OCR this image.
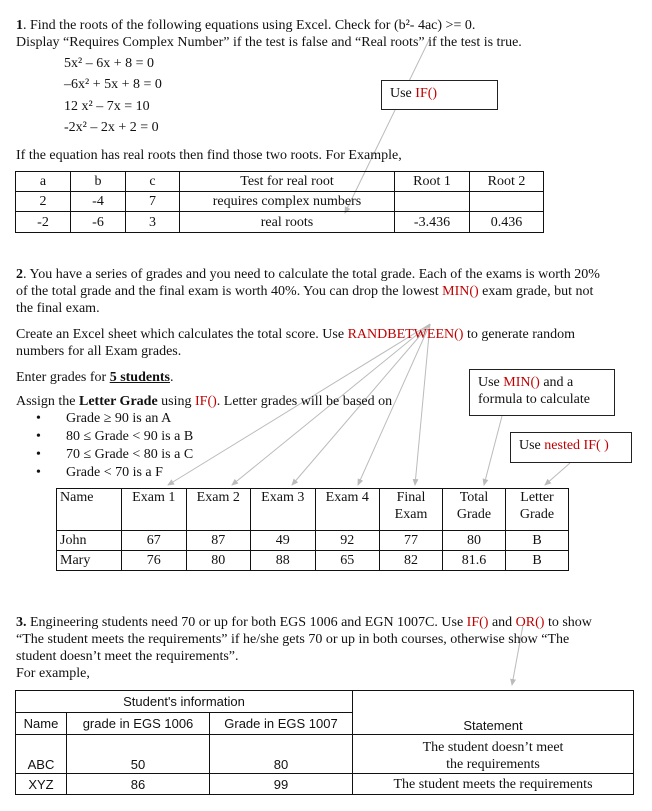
1. Find the roots of the following equations using Excel. Check for (b²- 4ac) >= 0.
Display “Requires Complex Number” if the test is false and “Real roots” if the test is true.
5x² – 6x + 8 = 0
–6x² + 5x + 8 = 0
12 x² – 7x = 10
-2x² – 2x + 2 = 0
Use IF()
If the equation has real roots then find those two roots. For Example,
a	b	c	Test for real root	Root 1	Root 2
2	-4	7	requires complex numbers		
-2	-6	3	real roots	-3.436	0.436
2. You have a series of grades and you need to calculate the total grade. Each of the exams is worth 20%
of the total grade and the final exam is worth 40%. You can drop the lowest MIN() exam grade, but not
the final exam.
Create an Excel sheet which calculates the total score. Use RANDBETWEEN() to generate random
numbers for all Exam grades.
Enter grades for 5 students.
Assign the Letter Grade using IF(). Letter grades will be based on
• Grade ≥ 90 is an A
• 80 ≤ Grade < 90 is a B
• 70 ≤ Grade < 80 is a C
• Grade < 70 is a F
Use MIN() and a
formula to calculate
Use nested IF( )
Name	Exam 1	Exam 2	Exam 3	Exam 4	Final Exam	Total Grade	Letter Grade
John	67	87	49	92	77	80	B
Mary	76	80	88	65	82	81.6	B
3. Engineering students need 70 or up for both EGS 1006 and EGN 1007C. Use IF() and OR() to show
“The student meets the requirements” if he/she gets 70 or up in both courses, otherwise show “The
student doesn’t meet the requirements”.
For example,
Student's information			Statement
Name	grade in EGS 1006	Grade in EGS 1007	
ABC	50	80	The student doesn’t meet the requirements
XYZ	86	99	The student meets the requirements
